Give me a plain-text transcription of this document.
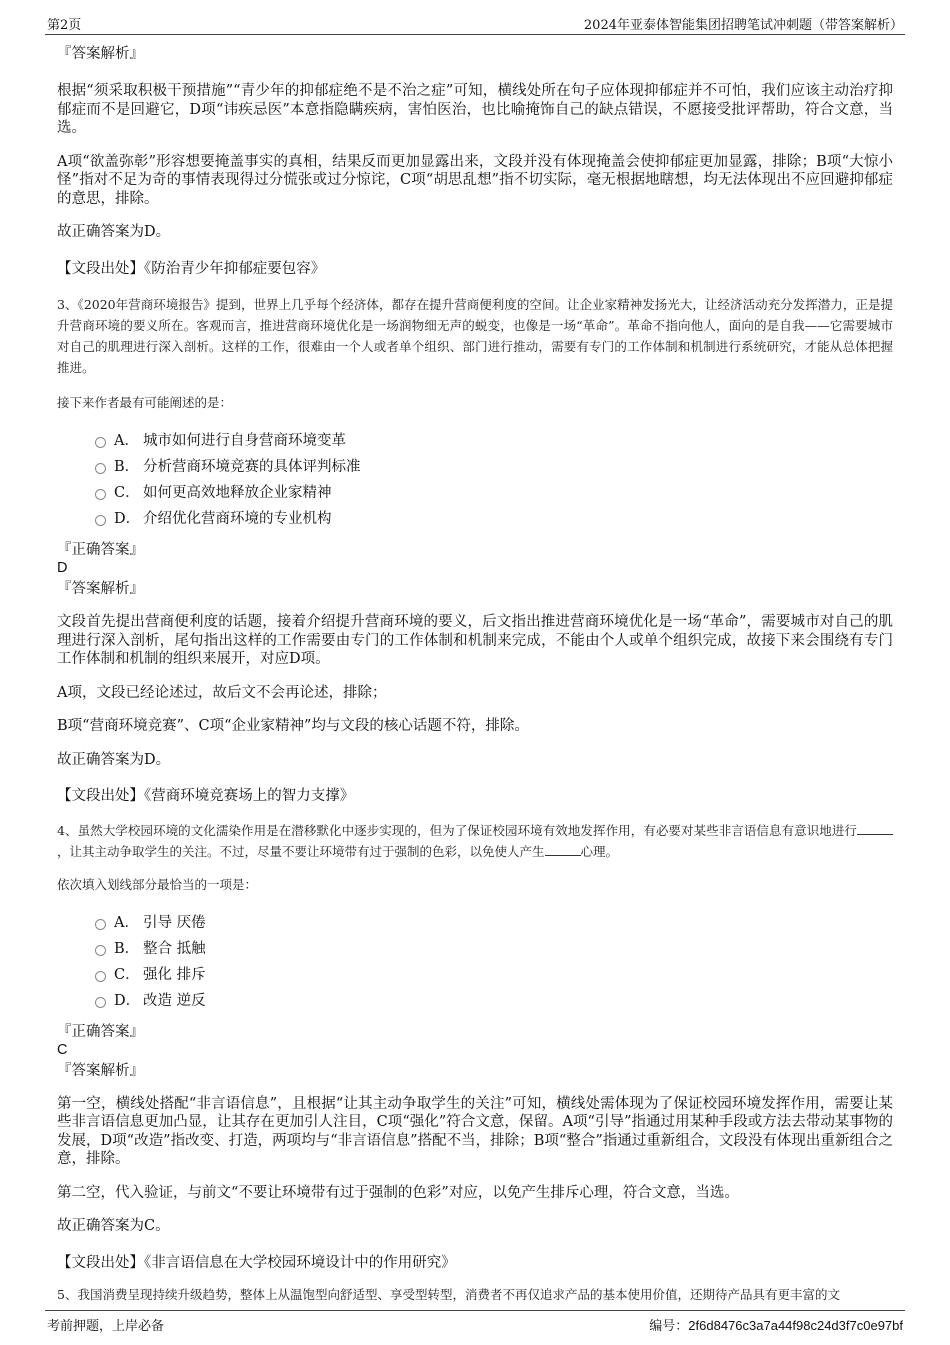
第2页	2024年亚泰体智能集团招聘笔试冲刺题（带答案解析）

『答案解析』

根据“须采取积极干预措施”“青少年的抑郁症绝不是不治之症”可知，横线处所在句子应体现抑郁症并不可怕，我们应该主动治疗抑郁症而不是回避它，D项“讳疾忌医”本意指隐瞒疾病，害怕医治，也比喻掩饰自己的缺点错误，不愿接受批评帮助，符合文意，当选。

A项“欲盖弥彰”形容想要掩盖事实的真相，结果反而更加显露出来，文段并没有体现掩盖会使抑郁症更加显露，排除；B项“大惊小怪”指对不足为奇的事情表现得过分慌张或过分惊诧，C项“胡思乱想”指不切实际，毫无根据地瞎想，均无法体现出不应回避抑郁症的意思，排除。

故正确答案为D。

【文段出处】《防治青少年抑郁症要包容》

3、《2020年营商环境报告》提到，世界上几乎每个经济体，都存在提升营商便利度的空间。让企业家精神发扬光大，让经济活动充分发挥潜力，正是提升营商环境的要义所在。客观而言，推进营商环境优化是一场润物细无声的蜕变，也像是一场“革命”。革命不指向他人，面向的是自我——它需要城市对自己的肌理进行深入剖析。这样的工作，很难由一个人或者单个组织、部门进行推动，需要有专门的工作体制和机制进行系统研究，才能从总体把握推进。

接下来作者最有可能阐述的是：

A． 城市如何进行自身营商环境变革
B． 分析营商环境竞赛的具体评判标准
C． 如何更高效地释放企业家精神
D． 介绍优化营商环境的专业机构

『正确答案』

D

『答案解析』

文段首先提出营商便利度的话题，接着介绍提升营商环境的要义，后文指出推进营商环境优化是一场“革命”，需要城市对自己的肌理进行深入剖析，尾句指出这样的工作需要由专门的工作体制和机制来完成，不能由个人或单个组织完成，故接下来会围绕有专门工作体制和机制的组织来展开，对应D项。

A项，文段已经论述过，故后文不会再论述，排除；

B项“营商环境竞赛”、C项“企业家精神”均与文段的核心话题不符，排除。

故正确答案为D。

【文段出处】《营商环境竞赛场上的智力支撑》

4、虽然大学校园环境的文化濡染作用是在潜移默化中逐步实现的，但为了保证校园环境有效地发挥作用，有必要对某些非言语信息有意识地进行，让其主动争取学生的关注。不过，尽量不要让环境带有过于强制的色彩，以免使人产生	心理。

依次填入划线部分最恰当的一项是：

A． 引导 厌倦
B． 整合 抵触
C． 强化 排斥
D． 改造 逆反

『正确答案』

C

『答案解析』

第一空，横线处搭配“非言语信息”，且根据“让其主动争取学生的关注”可知，横线处需体现为了保证校园环境发挥作用，需要让某些非言语信息更加凸显，让其存在更加引人注目，C项“强化”符合文意，保留。A项“引导”指通过用某种手段或方法去带动某事物的发展，D项“改造”指改变、打造，两项均与“非言语信息”搭配不当，排除；B项“整合”指通过重新组合，文段没有体现出重新组合之意，排除。

第二空，代入验证，与前文“不要让环境带有过于强制的色彩”对应，以免产生排斥心理，符合文意，当选。

故正确答案为C。

【文段出处】《非言语信息在大学校园环境设计中的作用研究》

5、我国消费呈现持续升级趋势，整体上从温饱型向舒适型、享受型转型，消费者不再仅追求产品的基本使用价值，还期待产品具有更丰富的文

考前押题，上岸必备	编号：2f6d8476c3a7a44f98c24d3f7c0e97bf
